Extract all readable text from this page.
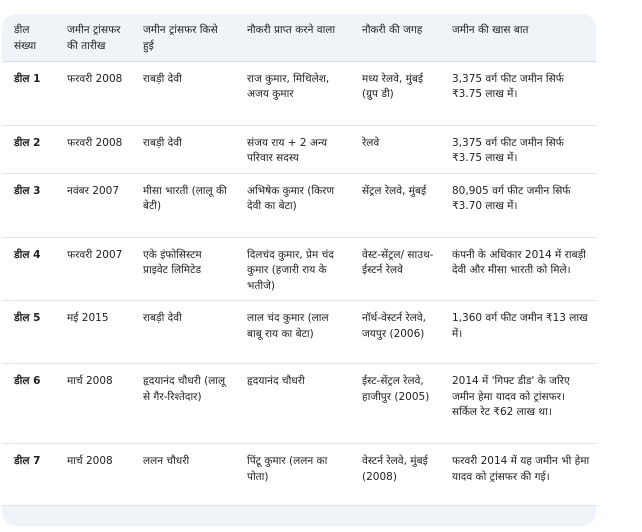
डील संख्या	जमीन ट्रांसफर की तारीख	जमीन ट्रांसफर किसे हुई	नौकरी प्राप्त करने वाला	नौकरी की जगह	जमीन की खास बात
डील 1	फरवरी 2008	राबड़ी देवी	राज कुमार, मिथिलेश, अजय कुमार	मध्य रेलवे, मुंबई (ग्रुप डी)	3,375 वर्ग फीट जमीन सिर्फ ₹3.75 लाख में।
डील 2	फरवरी 2008	राबड़ी देवी	संजय राय + 2 अन्य परिवार सदस्य	रेलवे	3,375 वर्ग फीट जमीन सिर्फ ₹3.75 लाख में।
डील 3	नवंबर 2007	मीसा भारती (लालू की बेटी)	अभिषेक कुमार (किरण देवी का बेटा)	सेंट्रल रेलवे, मुंबई	80,905 वर्ग फीट जमीन सिर्फ ₹3.70 लाख में।
डील 4	फरवरी 2007	एके इंफोसिस्टम प्राइवेट लिमिटेड	दिलचंद कुमार, प्रेम चंद कुमार (हजारी राय के भतीजे)	वेस्ट-सेंट्रल/ साउथ-ईस्टर्न रेलवे	कंपनी के अधिकार 2014 में राबड़ी देवी और मीसा भारती को मिले।
डील 5	मई 2015	राबड़ी देवी	लाल चंद कुमार (लाल बाबू राय का बेटा)	नॉर्थ-वेस्टर्न रेलवे, जयपुर (2006)	1,360 वर्ग फीट जमीन ₹13 लाख में।
डील 6	मार्च 2008	हृदयानंद चौधरी (लालू से गैर-रिश्तेदार)	हृदयानंद चौधरी	ईस्ट-सेंट्रल रेलवे, हाजीपुर (2005)	2014 में 'गिफ्ट डीड' के जरिए जमीन हेमा यादव को ट्रांसफर। सर्किल रेट ₹62 लाख था।
डील 7	मार्च 2008	ललन चौधरी	पिंटू कुमार (ललन का पोता)	वेस्टर्न रेलवे, मुंबई (2008)	फरवरी 2014 में यह जमीन भी हेमा यादव को ट्रांसफर की गई।
